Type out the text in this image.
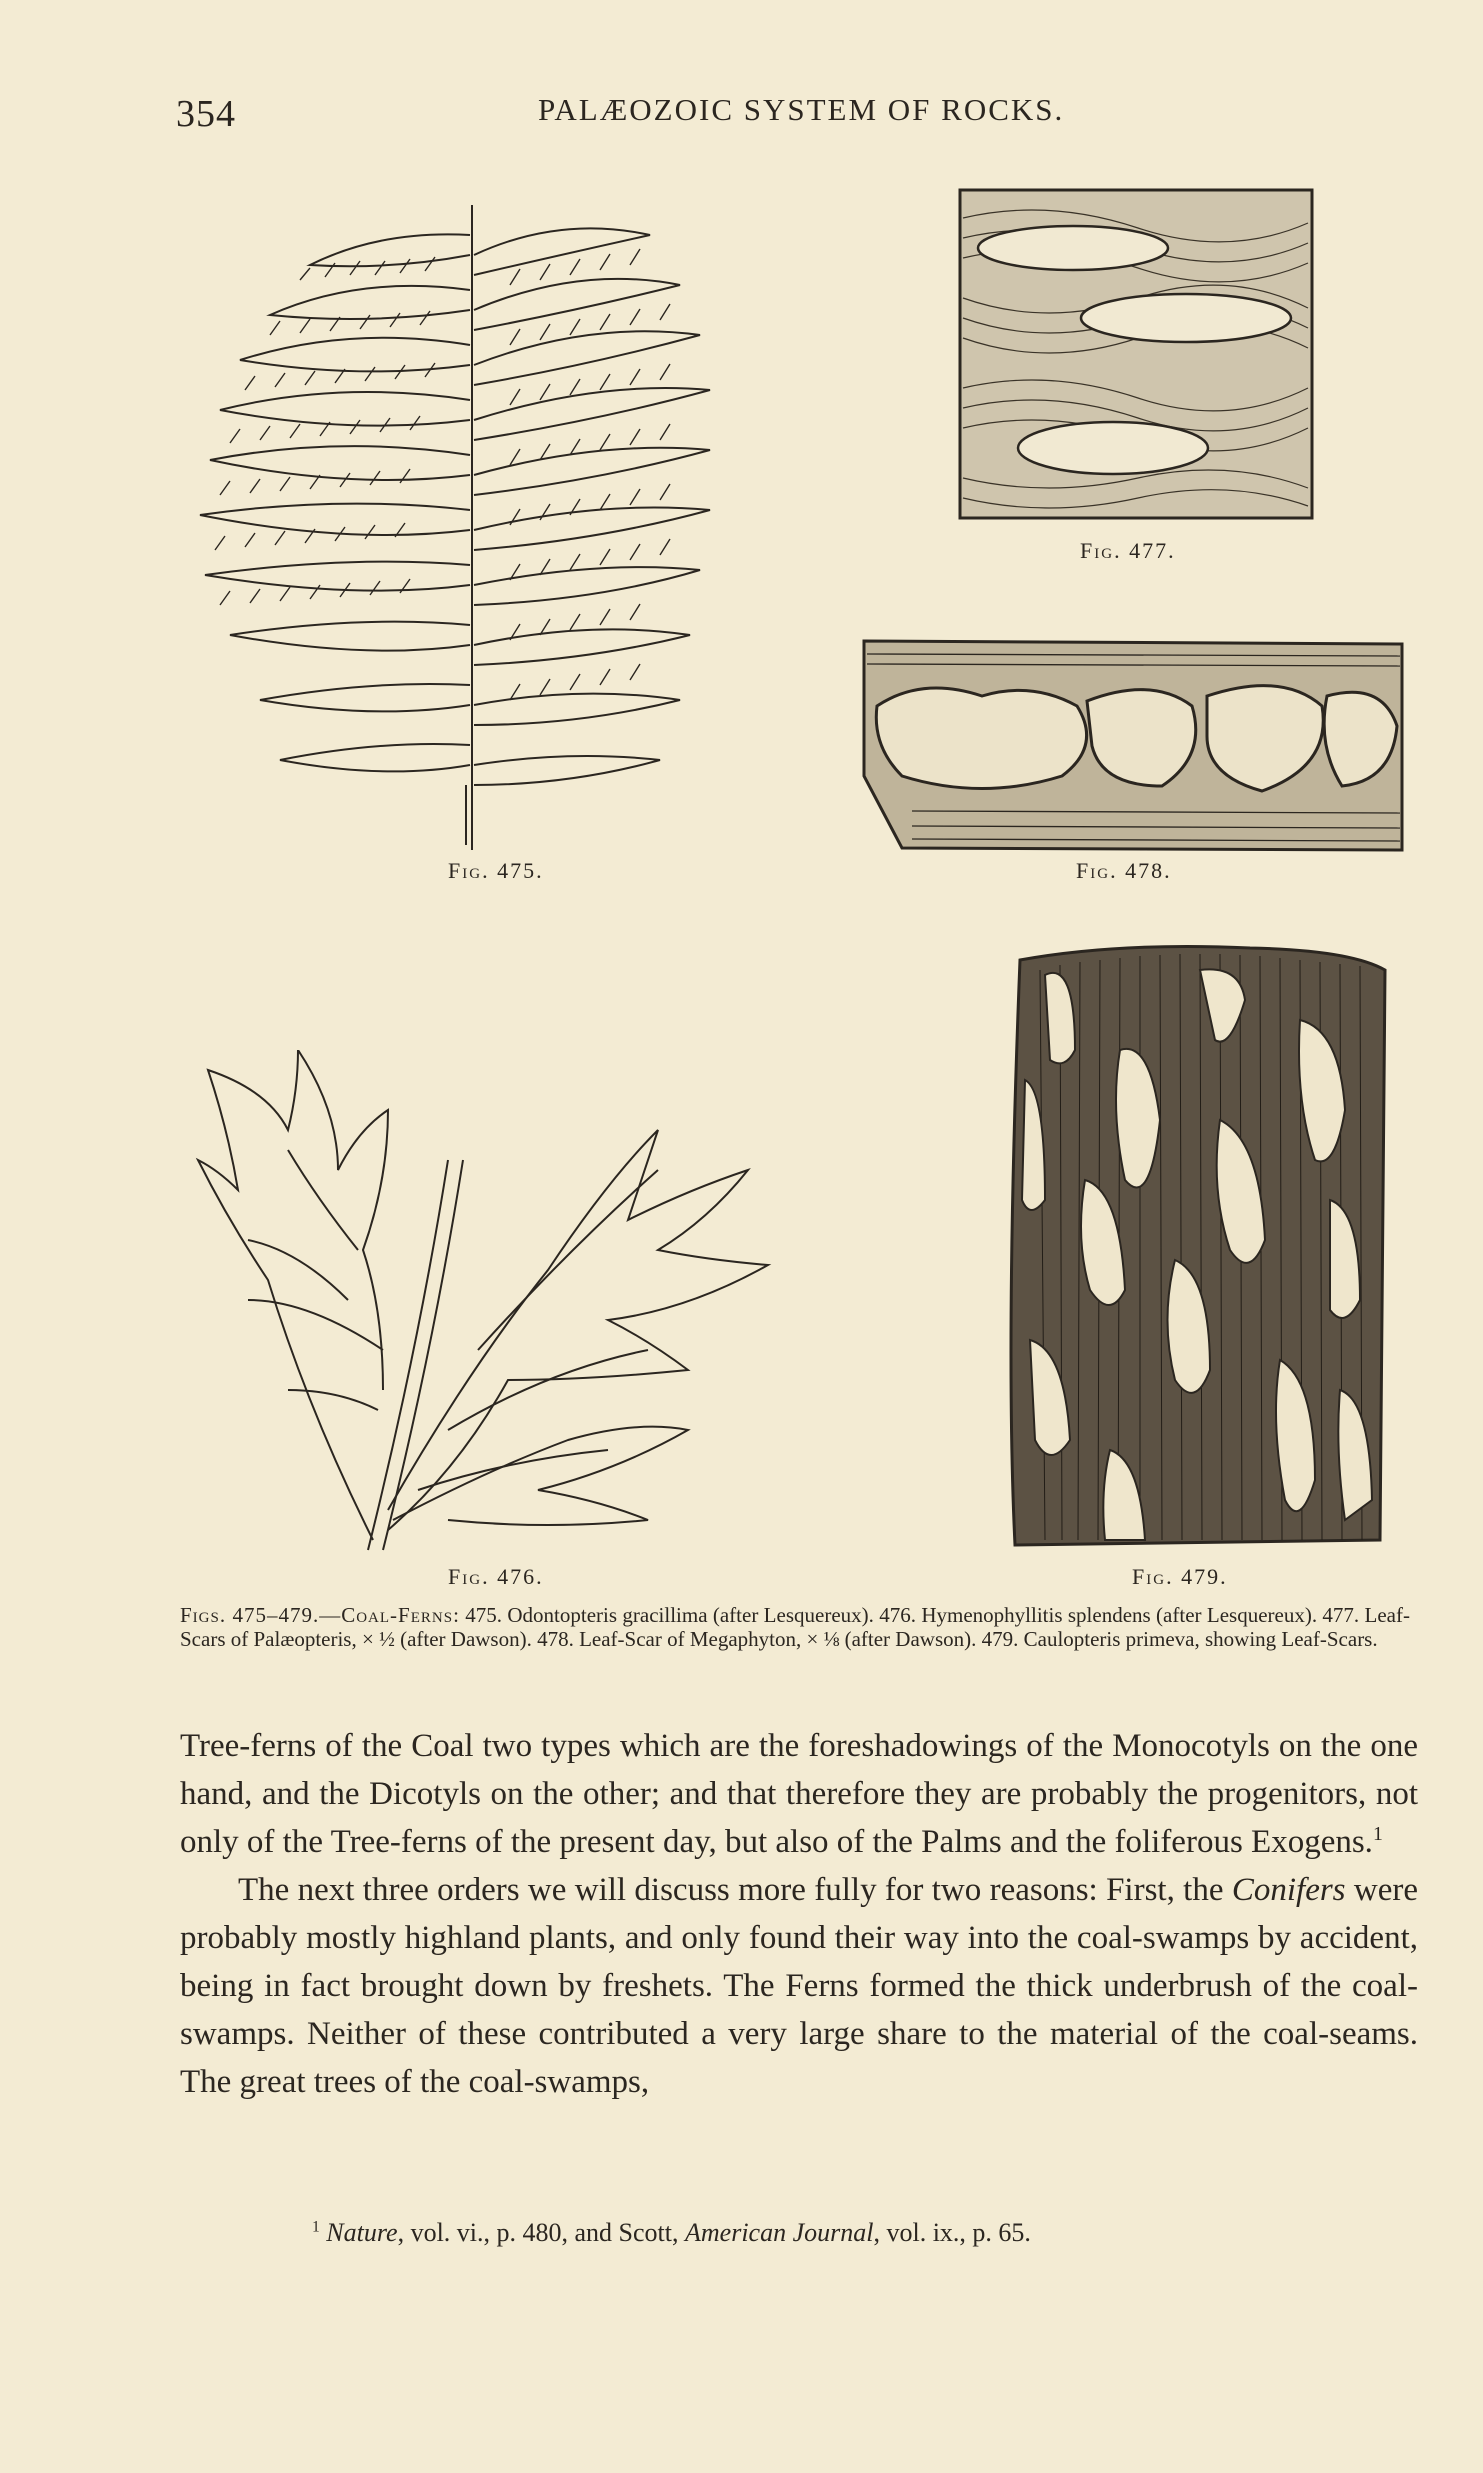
354	PALÆOZOIC SYSTEM OF ROCKS.
Fig. 475.
Fig. 477.
Fig. 478.
Fig. 476.	Fig. 479.
Figs. 475–479.—Coal-Ferns: 475. Odontopteris gracillima (after Lesquereux). 476. Hymenophyllitis splendens (after Lesquereux). 477. Leaf-Scars of Palæopteris, × ½ (after Dawson). 478. Leaf-Scar of Megaphyton, × ⅛ (after Dawson). 479. Caulopteris primeva, showing Leaf-Scars.

Tree-ferns of the Coal two types which are the foreshadowings of the Monocotyls on the one hand, and the Dicotyls on the other; and that therefore they are probably the progenitors, not only of the Tree-ferns of the present day, but also of the Palms and the foliferous Exogens.$^1$

The next three orders we will discuss more fully for two reasons: First, the Conifers were probably mostly highland plants, and only found their way into the coal-swamps by accident, being in fact brought down by freshets. The Ferns formed the thick underbrush of the coal-swamps. Neither of these contributed a very large share to the material of the coal-seams. The great trees of the coal-swamps,

$^1$ Nature, vol. vi., p. 480, and Scott, American Journal, vol. ix., p. 65.
